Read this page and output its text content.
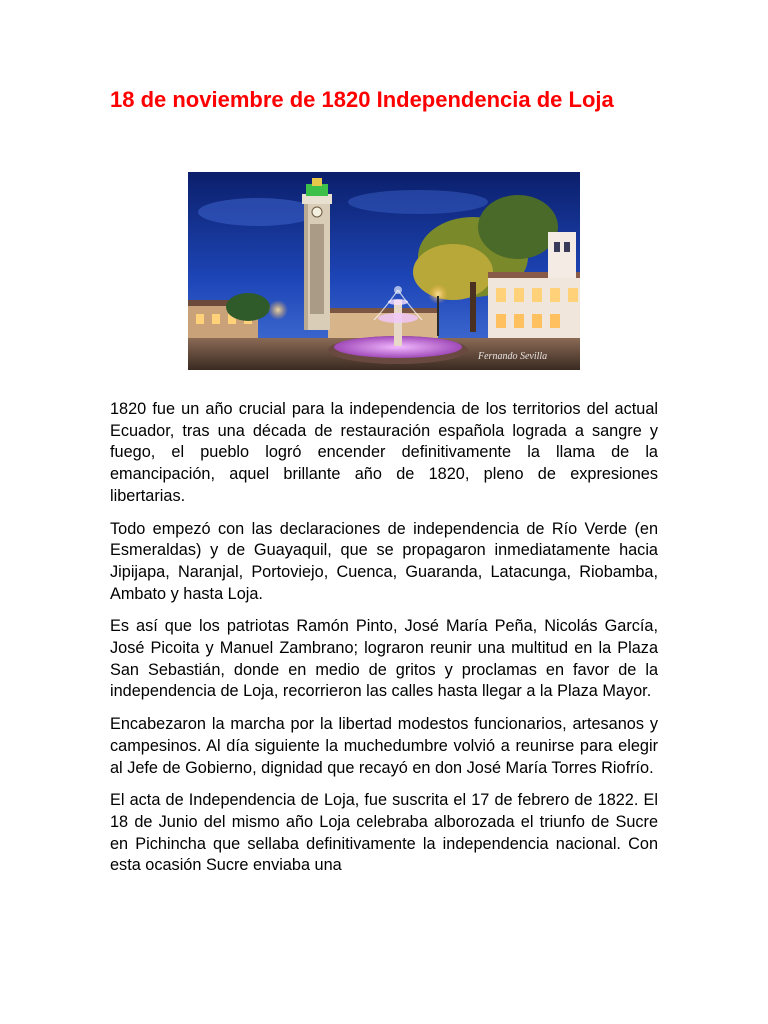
18 de noviembre de 1820 Independencia de Loja
Fernando Sevilla

1820 fue un año crucial para la independencia de los territorios del actual Ecuador, tras una década de restauración española lograda a sangre y fuego, el pueblo logró encender definitivamente la llama de la emancipación, aquel brillante año de 1820, pleno de expresiones libertarias.

Todo empezó con las declaraciones de independencia de Río Verde (en Esmeraldas) y de Guayaquil, que se propagaron inmediatamente hacia Jipijapa, Naranjal, Portoviejo, Cuenca, Guaranda, Latacunga, Riobamba, Ambato y hasta Loja.

Es así que los patriotas Ramón Pinto, José María Peña, Nicolás García, José Picoita y Manuel Zambrano; lograron reunir una multitud en la Plaza San Sebastián, donde en medio de gritos y proclamas en favor de la independencia de Loja, recorrieron las calles hasta llegar a la Plaza Mayor.

Encabezaron la marcha por la libertad modestos funcionarios, artesanos y campesinos. Al día siguiente la muchedumbre volvió a reunirse para elegir al Jefe de Gobierno, dignidad que recayó en don José María Torres Riofrío.

El acta de Independencia de Loja, fue suscrita el 17 de febrero de 1822. El 18 de Junio del mismo año Loja celebraba alborozada el triunfo de Sucre en Pichincha que sellaba definitivamente la independencia nacional. Con esta ocasión Sucre enviaba una
